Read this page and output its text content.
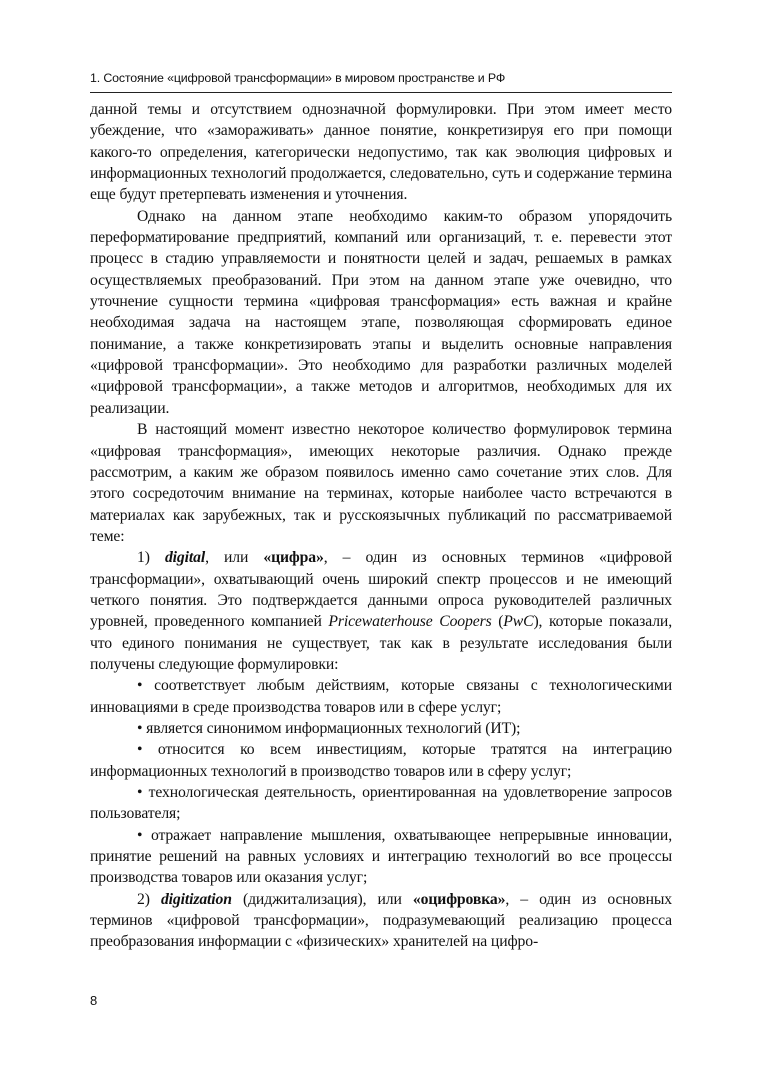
1. Состояние «цифровой трансформации» в мировом пространстве и РФ

данной темы и отсутствием однозначной формулировки. При этом имеет место убеждение, что «замораживать» данное понятие, конкретизируя его при помощи какого-то определения, категорически недопустимо, так как эволюция цифровых и информационных технологий продолжается, следовательно, суть и содержание термина еще будут претерпевать изменения и уточнения.

Однако на данном этапе необходимо каким-то образом упорядочить переформатирование предприятий, компаний или организаций, т. е. перевести этот процесс в стадию управляемости и понятности целей и задач, решаемых в рамках осуществляемых преобразований. При этом на данном этапе уже очевидно, что уточнение сущности термина «цифровая трансформация» есть важная и крайне необходимая задача на настоящем этапе, позволяющая сформировать единое понимание, а также конкретизировать этапы и выделить основные направления «цифровой трансформации». Это необходимо для разработки различных моделей «цифровой трансформации», а также методов и алгоритмов, необходимых для их реализации.

В настоящий момент известно некоторое количество формулировок термина «цифровая трансформация», имеющих некоторые различия. Однако прежде рассмотрим, а каким же образом появилось именно само сочетание этих слов. Для этого сосредоточим внимание на терминах, которые наиболее часто встречаются в материалах как зарубежных, так и русскоязычных публикаций по рассматриваемой теме:

1) digital, или «цифра», – один из основных терминов «цифровой трансформации», охватывающий очень широкий спектр процессов и не имеющий четкого понятия. Это подтверждается данными опроса руководителей различных уровней, проведенного компанией Pricewaterhouse Coopers (PwC), которые показали, что единого понимания не существует, так как в результате исследования были получены следующие формулировки:

• соответствует любым действиям, которые связаны с технологическими инновациями в среде производства товаров или в сфере услуг;

• является синонимом информационных технологий (ИТ);

• относится ко всем инвестициям, которые тратятся на интеграцию информационных технологий в производство товаров или в сферу услуг;

• технологическая деятельность, ориентированная на удовлетворение запросов пользователя;

• отражает направление мышления, охватывающее непрерывные инновации, принятие решений на равных условиях и интеграцию технологий во все процессы производства товаров или оказания услуг;

2) digitization (диджитализация), или «оцифровка», – один из основных терминов «цифровой трансформации», подразумевающий реализацию процесса преобразования информации с «физических» хранителей на цифро-

8
